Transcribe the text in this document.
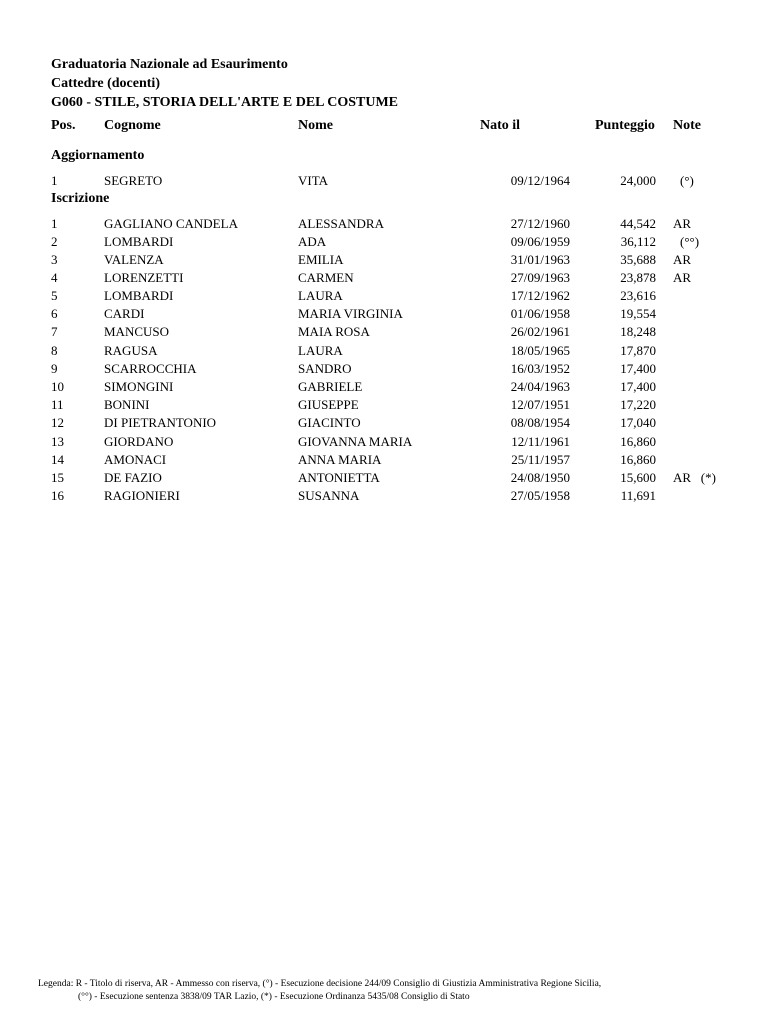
Graduatoria Nazionale ad Esaurimento
Cattedre (docenti)
G060 - STILE, STORIA DELL'ARTE E DEL COSTUME
Pos. Cognome	Nome	Nato il	Punteggio Note
Aggiornamento
1	SEGRETO	VITA	09/12/1964	24,000 (°)
Iscrizione
1	GAGLIANO CANDELA	ALESSANDRA	27/12/1960	44,542 AR
2	LOMBARDI	ADA	09/06/1959	36,112 (°°)
3	VALENZA	EMILIA	31/01/1963	35,688 AR
4	LORENZETTI	CARMEN	27/09/1963	23,878 AR
5	LOMBARDI	LAURA	17/12/1962	23,616
6	CARDI	MARIA VIRGINIA	01/06/1958	19,554
7	MANCUSO	MAIA ROSA	26/02/1961	18,248
8	RAGUSA	LAURA	18/05/1965	17,870
9	SCARROCCHIA	SANDRO	16/03/1952	17,400
10	SIMONGINI	GABRIELE	24/04/1963	17,400
11	BONINI	GIUSEPPE	12/07/1951	17,220
12	DI PIETRANTONIO	GIACINTO	08/08/1954	17,040
13	GIORDANO	GIOVANNA MARIA	12/11/1961	16,860
14	AMONACI	ANNA MARIA	25/11/1957	16,860
15	DE FAZIO	ANTONIETTA	24/08/1950	15,600 AR   (*)
16	RAGIONIERI	SUSANNA	27/05/1958	11,691
Legenda: R - Titolo di riserva, AR - Ammesso con riserva, (°) - Esecuzione decisione 244/09 Consiglio di Giustizia Amministrativa Regione Sicilia,
(°°) - Esecuzione sentenza 3838/09 TAR Lazio, (*) - Esecuzione Ordinanza 5435/08 Consiglio di Stato
